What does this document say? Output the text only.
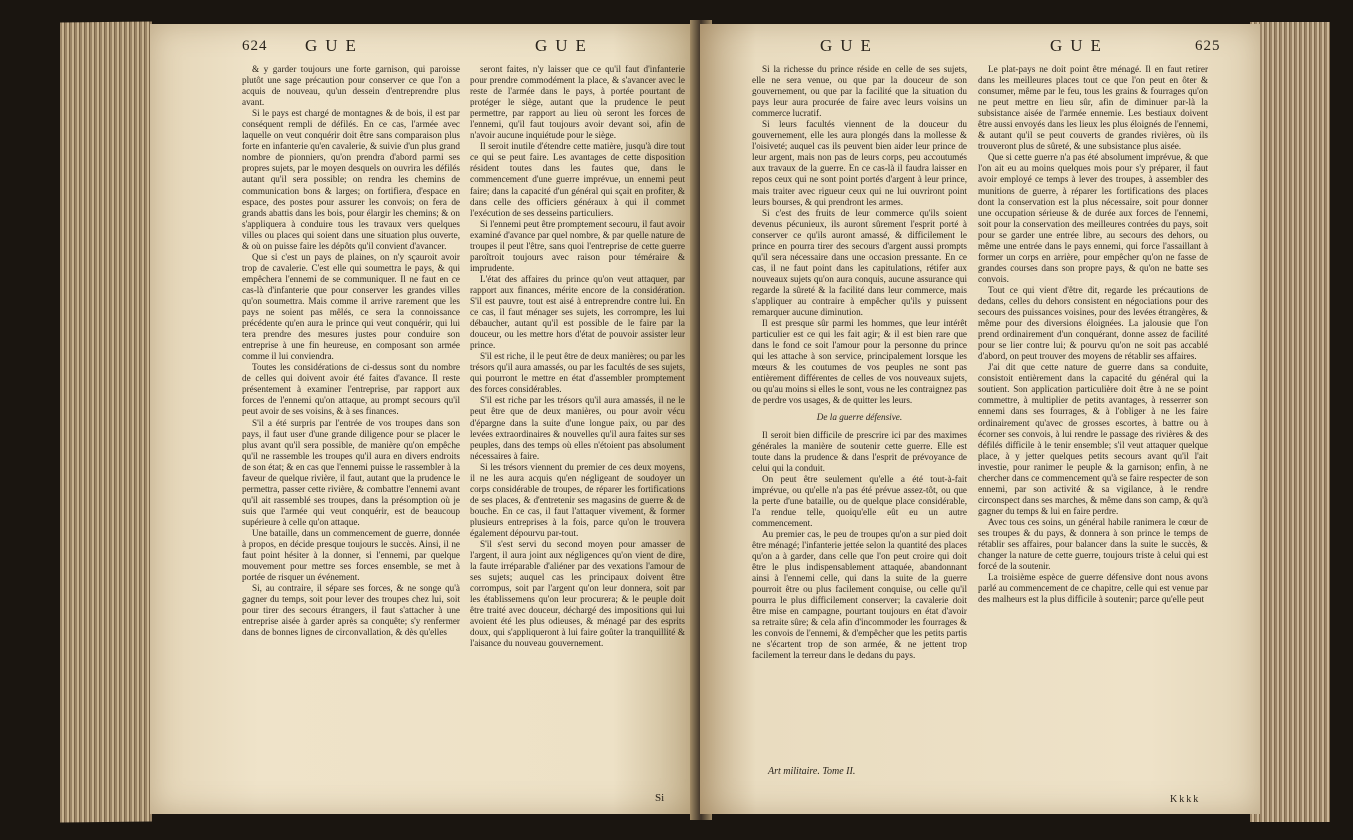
624 GUE	GUE

& y garder toujours une forte garnison, qui paroisse plutôt une sage précaution pour conserver ce que l'on a acquis de nouveau, qu'un dessein d'entreprendre plus avant.

Si le pays est chargé de montagnes & de bois, il est par conséquent rempli de défilés. En ce cas, l'armée avec laquelle on veut conquérir doit être sans comparaison plus forte en infanterie qu'en cavalerie, & suivie d'un plus grand nombre de pionniers, qu'on prendra d'abord parmi ses propres sujets, par le moyen desquels on ouvrira les défilés autant qu'il sera possible; on rendra les chemins de communication bons & larges; on fortifiera, d'espace en espace, des postes pour assurer les convois; on fera de grands abattis dans les bois, pour élargir les chemins; & on s'appliquera à conduire tous les travaux vers quelques villes ou places qui soient dans une situation plus ouverte, & où on puisse faire les dépôts qu'il convient d'avancer.

Que si c'est un pays de plaines, on n'y sçauroit avoir trop de cavalerie. C'est elle qui soumettra le pays, & qui empêchera l'ennemi de se communiquer. Il ne faut en ce cas-là d'infanterie que pour conserver les grandes villes qu'on soumettra. Mais comme il arrive rarement que les pays ne soient pas mêlés, ce sera la connoissance précédente qu'en aura le prince qui veut conquérir, qui lui tera prendre des mesures justes pour conduire son entreprise à une fin heureuse, en composant son armée comme il lui conviendra.

Toutes les considérations de ci-dessus sont du nombre de celles qui doivent avoir été faites d'avance. Il reste présentement à examiner l'entreprise, par rapport aux forces de l'ennemi qu'on attaque, au prompt secours qu'il peut avoir de ses voisins, & à ses finances.

S'il a été surpris par l'entrée de vos troupes dans son pays, il faut user d'une grande diligence pour se placer le plus avant qu'il sera possible, de manière qu'on empêche qu'il ne rassemble les troupes qu'il aura en divers endroits de son état; & en cas que l'ennemi puisse le rassembler à la faveur de quelque rivière, il faut, autant que la prudence le permettra, passer cette rivière, & combattre l'ennemi avant qu'il ait rassemblé ses troupes, dans la présomption où je suis que l'armée qui veut conquérir, est de beaucoup supérieure à celle qu'on attaque.

Une bataille, dans un commencement de guerre, donnée à propos, en décide presque toujours le succès. Ainsi, il ne faut point hésiter à la donner, si l'ennemi, par quelque mouvement pour mettre ses forces ensemble, se met à portée de risquer un événement.

Si, au contraire, il sépare ses forces, & ne songe qu'à gagner du temps, soit pour lever des troupes chez lui, soit pour tirer des secours étrangers, il faut s'attacher à une entreprise aisée à garder après sa conquête; s'y renfermer dans de bonnes lignes de circonvallation, & dès qu'elles

seront faites, n'y laisser que ce qu'il faut d'infanterie pour prendre commodément la place, & s'avancer avec le reste de l'armée dans le pays, à portée pourtant de protéger le siège, autant que la prudence le peut permettre, par rapport au lieu où seront les forces de l'ennemi, qu'il faut toujours avoir devant soi, afin de n'avoir aucune inquiétude pour le siège.

Il seroit inutile d'étendre cette matière, jusqu'à dire tout ce qui se peut faire. Les avantages de cette disposition résident toutes dans les fautes que, dans le commencement d'une guerre imprévue, un ennemi peut faire; dans la capacité d'un général qui sçait en profiter, & dans celle des officiers généraux à qui il commet l'exécution de ses desseins particuliers.

Si l'ennemi peut être promptement secouru, il faut avoir examiné d'avance par quel nombre, & par quelle nature de troupes il peut l'être, sans quoi l'entreprise de cette guerre paroîtroit toujours avec raison pour téméraire & imprudente.

L'état des affaires du prince qu'on veut attaquer, par rapport aux finances, mérite encore de la considération. S'il est pauvre, tout est aisé à entreprendre contre lui. En ce cas, il faut ménager ses sujets, les corrompre, les lui débaucher, autant qu'il est possible de le faire par la douceur, ou les mettre hors d'état de pouvoir assister leur prince.

S'il est riche, il le peut être de deux manières; ou par les trésors qu'il aura amassés, ou par les facultés de ses sujets, qui pourront le mettre en état d'assembler promptement des forces considérables.

S'il est riche par les trésors qu'il aura amassés, il ne le peut être que de deux manières, ou pour avoir vécu d'épargne dans la suite d'une longue paix, ou par des levées extraordinaires & nouvelles qu'il aura faites sur ses peuples, dans des temps où elles n'étoient pas absolument nécessaires à faire.

Si les trésors viennent du premier de ces deux moyens, il ne les aura acquis qu'en négligeant de soudoyer un corps considérable de troupes, de réparer les fortifications de ses places, & d'entretenir ses magasins de guerre & de bouche. En ce cas, il faut l'attaquer vivement, & former plusieurs entreprises à la fois, parce qu'on le trouvera également dépourvu par-tout.

S'il s'est servi du second moyen pour amasser de l'argent, il aura joint aux négligences qu'on vient de dire, la faute irréparable d'aliéner par des vexations l'amour de ses sujets; auquel cas les principaux doivent être corrompus, soit par l'argent qu'on leur donnera, soit par les établissemens qu'on leur procurera; & le peuple doit être traité avec douceur, déchargé des impositions qui lui avoient été les plus odieuses, & ménagé par des esprits doux, qui s'appliqueront à lui faire goûter la tranquillité & l'aisance du nouveau gouvernement.

Si
GUE	GUE	625

Si la richesse du prince réside en celle de ses sujets, elle ne sera venue, ou que par la douceur de son gouvernement, ou que par la facilité que la situation du pays leur aura procurée de faire avec leurs voisins un commerce lucratif.

Si leurs facultés viennent de la douceur du gouvernement, elle les aura plongés dans la mollesse & l'oisiveté; auquel cas ils peuvent bien aider leur prince de leur argent, mais non pas de leurs corps, peu accoutumés aux travaux de la guerre. En ce cas-là il faudra laisser en repos ceux qui ne sont point portés d'argent à leur prince, mais traiter avec rigueur ceux qui ne lui ouvriront point leurs bourses, & qui prendront les armes.

Si c'est des fruits de leur commerce qu'ils soient devenus pécunieux, ils auront sûrement l'esprit porté à conserver ce qu'ils auront amassé, & difficilement le prince en pourra tirer des secours d'argent aussi prompts qu'il sera nécessaire dans une occasion pressante. En ce cas, il ne faut point dans les capitulations, rétifer aux nouveaux sujets qu'on aura conquis, aucune assurance qui regarde la sûreté & la facilité dans leur commerce, mais s'appliquer au contraire à empêcher qu'ils y puissent remarquer aucune diminution.

Il est presque sûr parmi les hommes, que leur intérêt particulier est ce qui les fait agir; & il est bien rare que dans le fond ce soit l'amour pour la personne du prince qui les attache à son service, principalement lorsque les mœurs & les coutumes de vos peuples ne sont pas entièrement différentes de celles de vos nouveaux sujets, ou qu'au moins si elles le sont, vous ne les contraignez pas de perdre vos usages, & de quitter les leurs.

De la guerre défensive.

Il seroit bien difficile de prescrire ici par des maximes générales la manière de soutenir cette guerre. Elle est toute dans la prudence & dans l'esprit de prévoyance de celui qui la conduit.

On peut être seulement qu'elle a été tout-à-fait imprévue, ou qu'elle n'a pas été prévue assez-tôt, ou que la perte d'une bataille, ou de quelque place considérable, l'a rendue telle, quoiqu'elle eût eu un autre commencement.

Au premier cas, le peu de troupes qu'on a sur pied doit être ménagé; l'infanterie jettée selon la quantité des places qu'on a à garder, dans celle que l'on peut croire qui doit être le plus indispensablement attaquée, abandonnant ainsi à l'ennemi celle, qui dans la suite de la guerre pourroit être ou plus facilement conquise, ou celle qu'il pourra le plus difficilement conserver; la cavalerie doit être mise en campagne, pourtant toujours en état d'avoir sa retraite sûre; & cela afin d'incommoder les fourrages & les convois de l'ennemi, & d'empêcher que les petits partis ne s'écartent trop de son armée, & ne jettent trop facilement la terreur dans le dedans du pays.

Art militaire. Tome II.

Le plat-pays ne doit point être ménagé. Il en faut retirer dans les meilleures places tout ce que l'on peut en ôter & consumer, même par le feu, tous les grains & fourrages qu'on ne peut mettre en lieu sûr, afin de diminuer par-là la subsistance aisée de l'armée ennemie. Les bestiaux doivent être aussi envoyés dans les lieux les plus éloignés de l'ennemi, & autant qu'il se peut couverts de grandes rivières, où ils trouveront plus de sûreté, & une subsistance plus aisée.

Que si cette guerre n'a pas été absolument imprévue, & que l'on ait eu au moins quelques mois pour s'y préparer, il faut avoir employé ce temps à lever des troupes, à assembler des munitions de guerre, à réparer les fortifications des places dont la conservation est la plus nécessaire, soit pour donner une occupation sérieuse & de durée aux forces de l'ennemi, soit pour la conservation des meilleures contrées du pays, soit pour se garder une entrée libre, au secours des dehors, ou même une entrée dans le pays ennemi, qui force l'assaillant à former un corps en arrière, pour empêcher qu'on ne fasse de grandes courses dans son propre pays, & qu'on ne batte ses convois.

Tout ce qui vient d'être dit, regarde les précautions de dedans, celles du dehors consistent en négociations pour des secours des puissances voisines, pour des levées étrangères, & même pour des diversions éloignées. La jalousie que l'on prend ordinairement d'un conquérant, donne assez de facilité pour se lier contre lui; & pourvu qu'on ne soit pas accablé d'abord, on peut trouver des moyens de rétablir ses affaires.

J'ai dit que cette nature de guerre dans sa conduite, consistoit entièrement dans la capacité du général qui la soutient. Son application particulière doit être à ne se point commettre, à multiplier de petits avantages, à resserrer son ennemi dans ses fourrages, & à l'obliger à ne les faire ordinairement qu'avec de grosses escortes, à battre ou à écorner ses convois, à lui rendre le passage des rivières & des défilés difficile à le tenir ensemble; s'il veut attaquer quelque place, à y jetter quelques petits secours avant qu'il l'ait investie, pour ranimer le peuple & la garnison; enfin, à ne chercher dans ce commencement qu'à se faire respecter de son ennemi, par son activité & sa vigilance, à le rendre circonspect dans ses marches, & même dans son camp, & qu'à gagner du temps & lui en faire perdre.

Avec tous ces soins, un général habile ranimera le cœur de ses troupes & du pays, & donnera à son prince le temps de rétablir ses affaires, pour balancer dans la suite le succès, & changer la nature de cette guerre, toujours triste à celui qui est forcé de la soutenir.

La troisième espèce de guerre défensive dont nous avons parlé au commencement de ce chapitre, celle qui est venue par des malheurs est la plus difficile à soutenir; parce qu'elle peut

Kkkk
